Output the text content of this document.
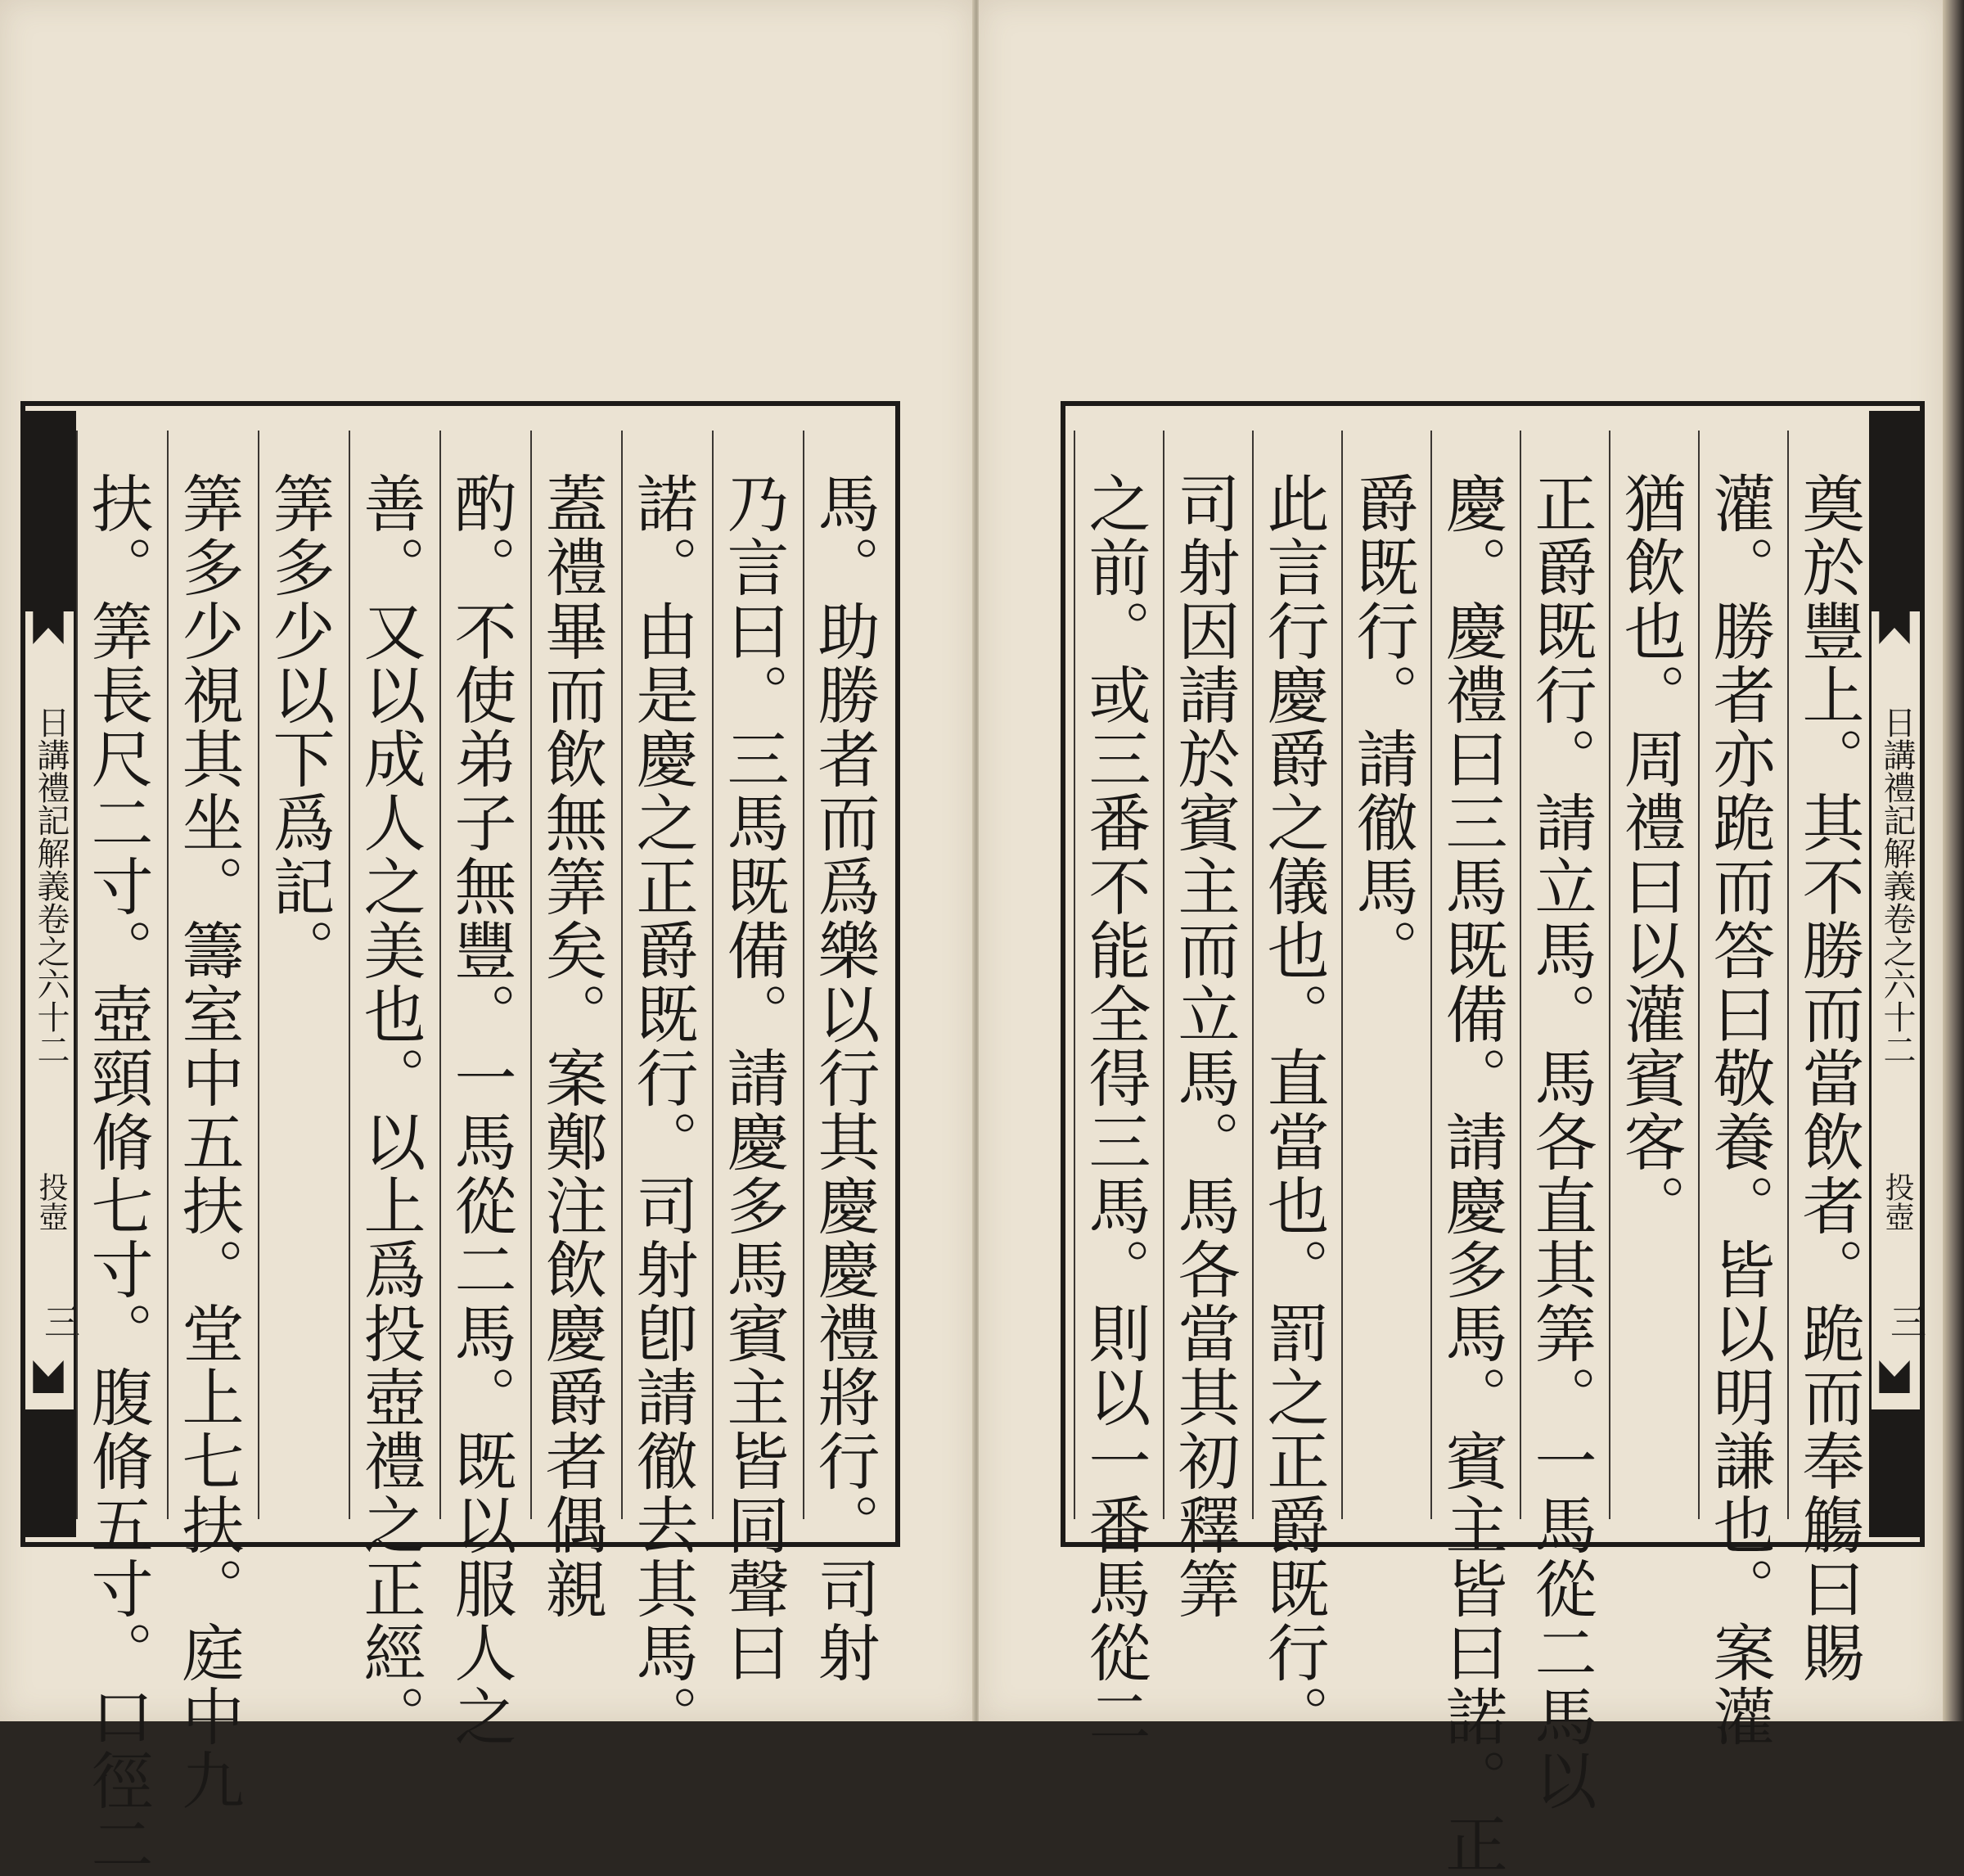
日講禮記解義卷之六十二
投壺
三 扶。筭長尺二寸。壺頸脩七寸。腹脩五寸。口徑二 筭多少視其坐。籌室中五扶。堂上七扶。庭中九 筭多少以下爲記。 善。又以成人之美也。以上爲投壺禮之正經。 酌。不使弟子無豐。一馬從二馬。既以服人之 蓋禮畢而飲無筭矣。案鄭注飲慶爵者偶親 諾。由是慶之正爵既行。司射卽請徹去其馬。 乃言曰。三馬既備。請慶多馬賓主皆同聲曰 馬。助勝者而爲樂以行其慶慶禮將行。司射	之前。或三番不能全得三馬。則以一番馬從二 司射因請於賓主而立馬。馬各當其初釋筭 此言行慶爵之儀也。直當也。罰之正爵既行。 爵既行。請徹馬。 慶。慶禮曰三馬既備。請慶多馬。賓主皆曰諾。正 正爵既行。請立馬。馬各直其筭。一馬從二馬以 猶飲也。周禮曰以灌賓客。 灌。勝者亦跪而答曰敬養。皆以明謙也。案灌 奠於豐上。其不勝而當飲者。跪而奉觴曰賜 日講禮記解義卷之六十二
投壺
三
